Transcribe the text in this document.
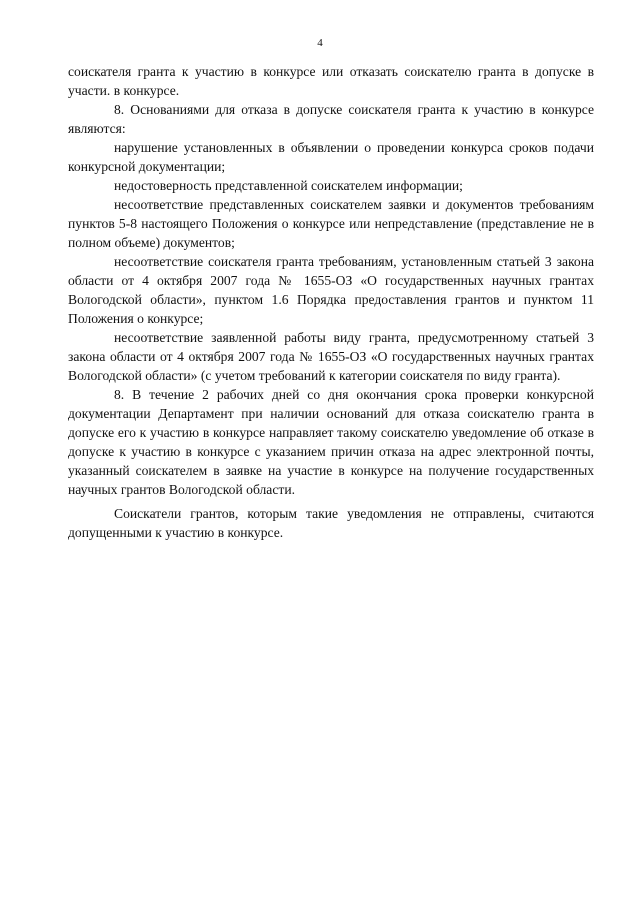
4

соискателя гранта к участию в конкурсе или отказать соискателю гранта в допуске в участи. в конкурсе.

8. Основаниями для отказа в допуске соискателя гранта к участию в конкурсе являются:

нарушение установленных в объявлении о проведении конкурса сроков подачи конкурсной документации;

недостоверность представленной соискателем информации;

несоответствие представленных соискателем заявки и документов требованиям пунктов 5-8 настоящего Положения о конкурсе или непредставление (представление не в полном объеме) документов;

несоответствие соискателя гранта требованиям, установленным статьей 3 закона области от 4 октября 2007 года № 1655-ОЗ «О государственных научных грантах Вологодской области», пунктом 1.6 Порядка предоставления грантов и пунктом 11 Положения о конкурсе;

несоответствие заявленной работы виду гранта, предусмотренному статьей 3 закона области от 4 октября 2007 года № 1655-ОЗ «О государственных научных грантах Вологодской области» (с учетом требований к категории соискателя по виду гранта).

8. В течение 2 рабочих дней со дня окончания срока проверки конкурсной документации Департамент при наличии оснований для отказа соискателю гранта в допуске его к участию в конкурсе направляет такому соискателю уведомление об отказе в допуске к участию в конкурсе с указанием причин отказа на адрес электронной почты, указанный соискателем в заявке на участие в конкурсе на получение государственных научных грантов Вологодской области.

Соискатели грантов, которым такие уведомления не отправлены, считаются допущенными к участию в конкурсе.
